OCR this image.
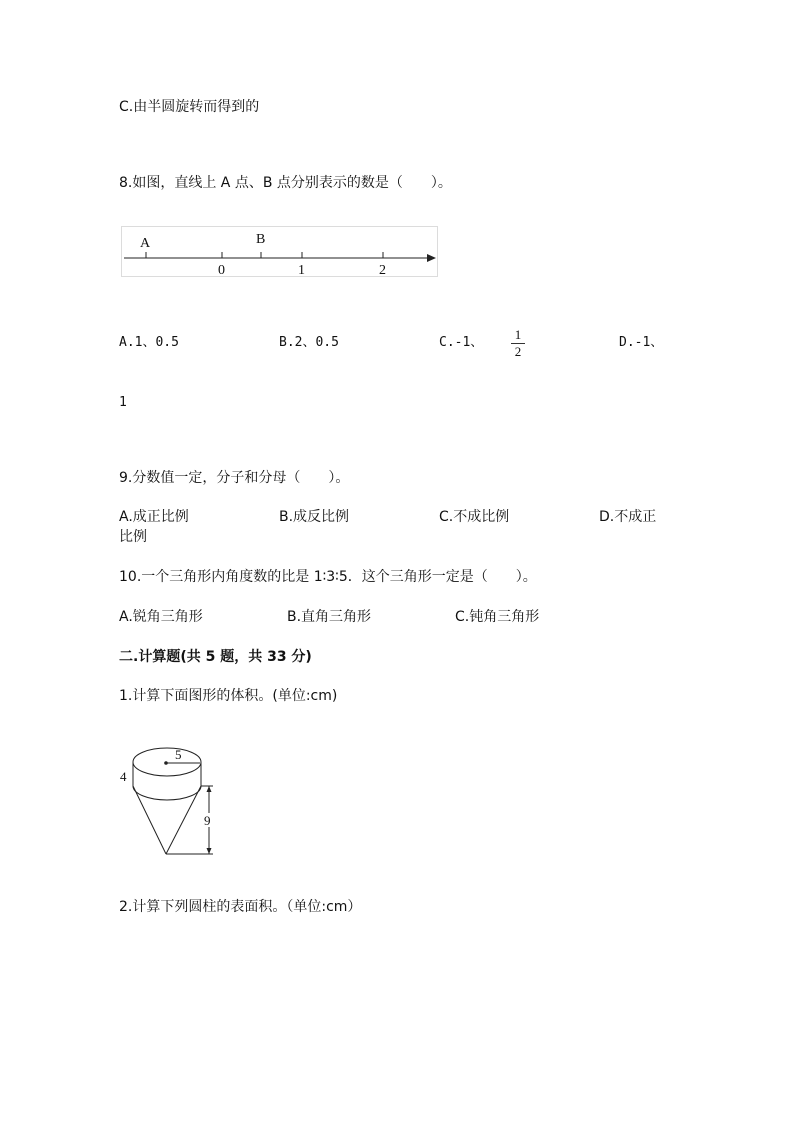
C.由半圆旋转而得到的
8.如图，直线上 A 点、B 点分别表示的数是（　　）。
A	B
0	1	2
A.1、0.5	B.2、0.5	C.-1、
1
2
D.-1、
1
9.分数值一定，分子和分母（　　）。
A.成正比例	B.成反比例	C.不成比例	D.不成正
比例
10.一个三角形内角度数的比是 1∶3∶5．这个三角形一定是（　　）。
A.锐角三角形	B.直角三角形	C.钝角三角形
二.计算题(共 5 题，共 33 分)
1.计算下面图形的体积。(单位:cm)
5
4
9
2.计算下列圆柱的表面积。（单位:cm）
